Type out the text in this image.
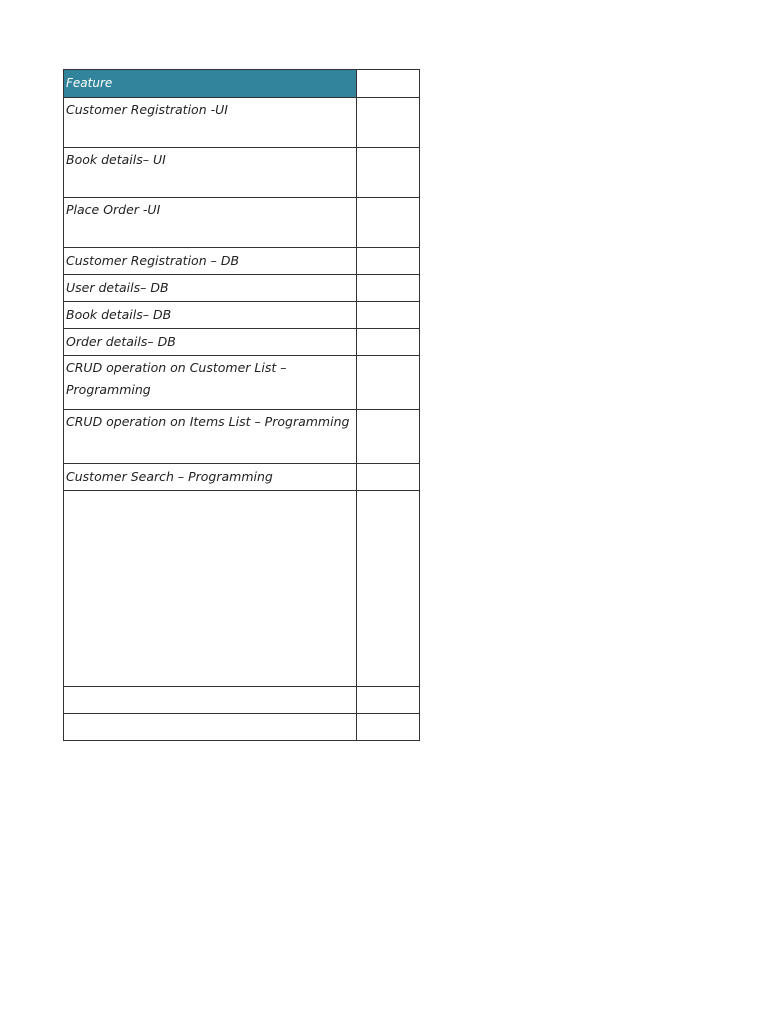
Feature	

Customer Registration -UI	

Book details– UI	

Place Order -UI	

Customer Registration – DB	

User details– DB	

Book details– DB	

Order details– DB	

CRUD operation on Customer List – Programming	

CRUD operation on Items List – Programming	

Customer Search – Programming	
